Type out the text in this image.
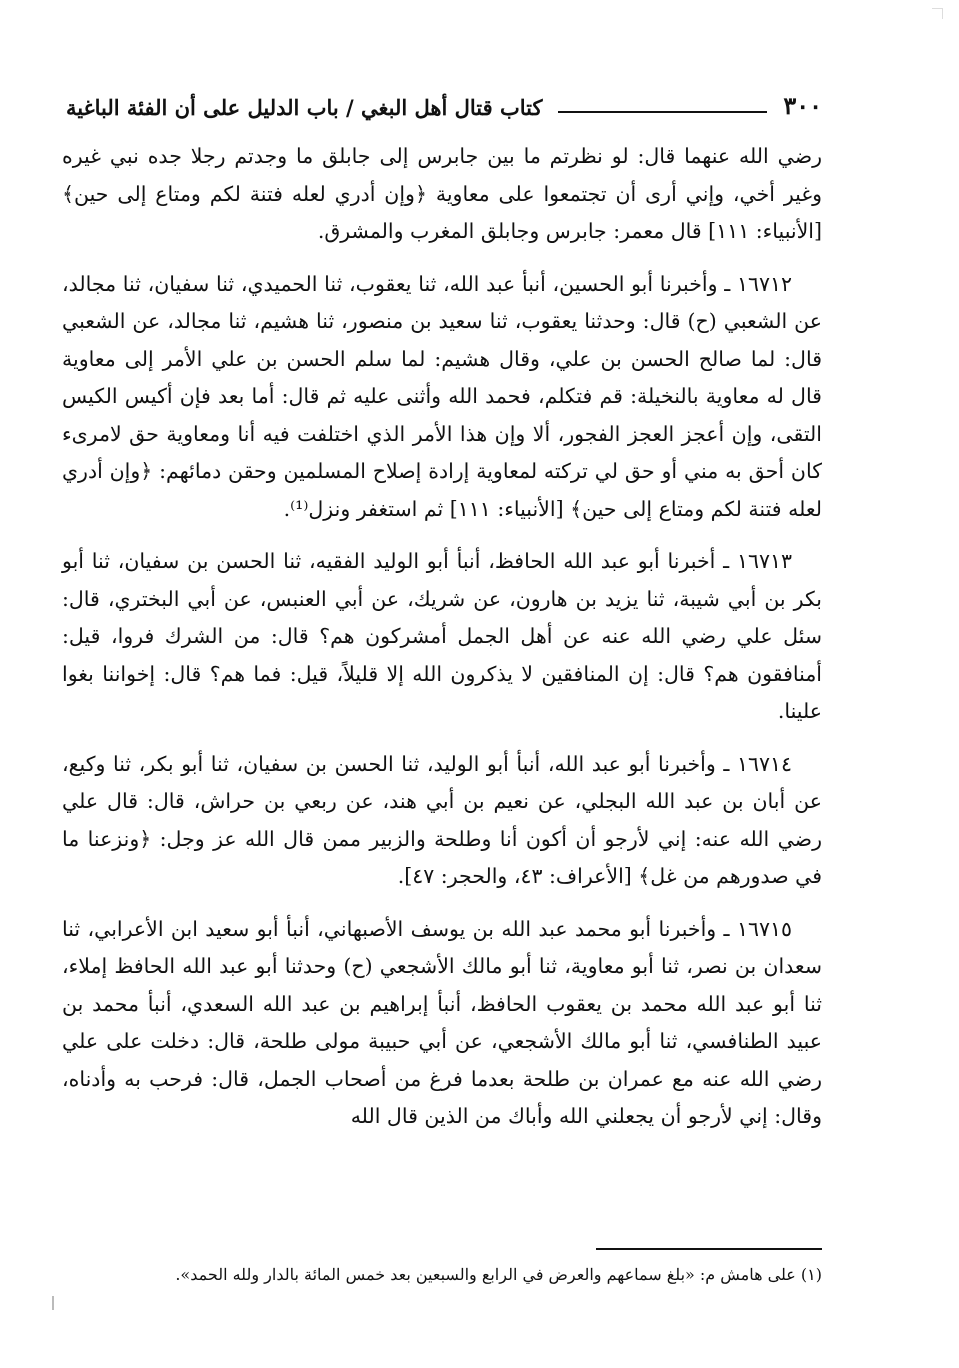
٣٠٠
كتاب قتال أهل البغي / باب الدليل على أن الفئة الباغية

رضي الله عنهما قال: لو نظرتم ما بين جابرس إلى جابلق ما وجدتم رجلا جده نبي غيره وغير أخي، وإني أرى أن تجتمعوا على معاوية ﴿وإن أدري لعله فتنة لكم ومتاع إلى حين﴾ [الأنبياء: ١١١] قال معمر: جابرس وجابلق المغرب والمشرق.

١٦٧١٢ ـ وأخبرنا أبو الحسين، أنبأ عبد الله، ثنا يعقوب، ثنا الحميدي، ثنا سفيان، ثنا مجالد، عن الشعبي (ح) قال: وحدثنا يعقوب، ثنا سعيد بن منصور، ثنا هشيم، ثنا مجالد، عن الشعبي قال: لما صالح الحسن بن علي، وقال هشيم: لما سلم الحسن بن علي الأمر إلى معاوية قال له معاوية بالنخيلة: قم فتكلم، فحمد الله وأثنى عليه ثم قال: أما بعد فإن أكيس الكيس التقى، وإن أعجز العجز الفجور، ألا وإن هذا الأمر الذي اختلفت فيه أنا ومعاوية حق لامرىء كان أحق به مني أو حق لي تركته لمعاوية إرادة إصلاح المسلمين وحقن دمائهم: ﴿وإن أدري لعله فتنة لكم ومتاع إلى حين﴾ [الأنبياء: ١١١] ثم استغفر ونزل⁽¹⁾.

١٦٧١٣ ـ أخبرنا أبو عبد الله الحافظ، أنبأ أبو الوليد الفقيه، ثنا الحسن بن سفيان، ثنا أبو بكر بن أبي شيبة، ثنا يزيد بن هارون، عن شريك، عن أبي العنبس، عن أبي البختري، قال: سئل علي رضي الله عنه عن أهل الجمل أمشركون هم؟ قال: من الشرك فروا، قيل: أمنافقون هم؟ قال: إن المنافقين لا يذكرون الله إلا قليلاً، قيل: فما هم؟ قال: إخواننا بغوا علينا.

١٦٧١٤ ـ وأخبرنا أبو عبد الله، أنبأ أبو الوليد، ثنا الحسن بن سفيان، ثنا أبو بكر، ثنا وكيع، عن أبان بن عبد الله البجلي، عن نعيم بن أبي هند، عن ربعي بن حراش، قال: قال علي رضي الله عنه: إني لأرجو أن أكون أنا وطلحة والزبير ممن قال الله عز وجل: ﴿ونزعنا ما في صدورهم من غل﴾ [الأعراف: ٤٣، والحجر: ٤٧].

١٦٧١٥ ـ وأخبرنا أبو محمد عبد الله بن يوسف الأصبهاني، أنبأ أبو سعيد ابن الأعرابي، ثنا سعدان بن نصر، ثنا أبو معاوية، ثنا أبو مالك الأشجعي (ح) وحدثنا أبو عبد الله الحافظ إملاء، ثنا أبو عبد الله محمد بن يعقوب الحافظ، أنبأ إبراهيم بن عبد الله السعدي، أنبأ محمد بن عبيد الطنافسي، ثنا أبو مالك الأشجعي، عن أبي حبيبة مولى طلحة، قال: دخلت على علي رضي الله عنه مع عمران بن طلحة بعدما فرغ من أصحاب الجمل، قال: فرحب به وأدناه، وقال: إني لأرجو أن يجعلني الله وأباك من الذين قال الله

(١) على هامش م: «بلغ سماعهم والعرض في الرابع والسبعين بعد خمس المائة بالدار ولله الحمد».
